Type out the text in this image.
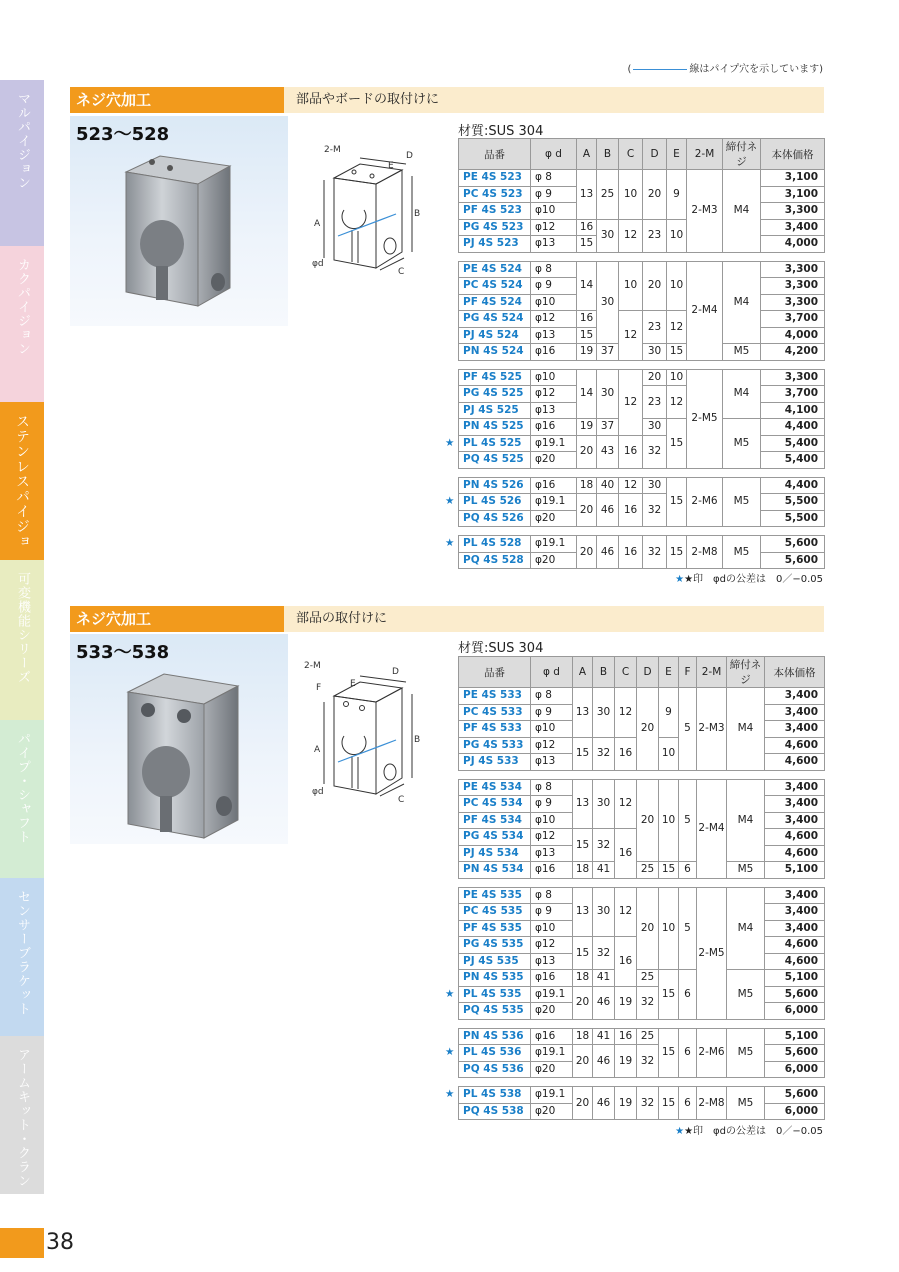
(	線はパイプ穴を示しています)
マルパイジョン
カクパイジョン
ステンレスパイジョ
可変機能シリーズ
パイプ・シャフト
センサーブラケット
アームキット・クラン
38
ネジ穴加工	部品やボードの取付けに
523〜528
2-M
D
E
A
B
φd
C
材質:SUS 304
品番	φ d	A	B	C	D	E	2-M	締付ネジ	本体価格
PE 4S 523	φ 8	13	25	10	20	9	2-M3	M4	3,100
PC 4S 523	φ 9								3,100
PF 4S 523	φ10								3,300
PG 4S 523	φ12	16	30	12	23	10			3,400
PJ 4S 523	φ13	15							4,000

PE 4S 524	φ 8	14	30	10	20	10	2-M4	M4	3,300
PC 4S 524	φ 9								3,300
PF 4S 524	φ10								3,300
PG 4S 524	φ12	16		12	23	12			3,700
PJ 4S 524	φ13	15							4,000
PN 4S 524	φ16	19	37		30	15		M5	4,200

PF 4S 525	φ10	14	30	12	20	10	2-M5	M4	3,300
PG 4S 525	φ12				23	12			3,700
PJ 4S 525	φ13								4,100
PN 4S 525	φ16	19	37		30	15		M5	4,400

★ PL 4S 525	φ19.1	20	43	16	32				5,400
PQ 4S 525	φ20								5,400

PN 4S 526	φ16	18	40	12	30	15	2-M6	M5	4,400

★ PL 4S 526	φ19.1	20	46	16	32				5,500
PQ 4S 526	φ20								5,500

★ PL 4S 528	φ19.1	20	46	16	32	15	2-M8	M5	5,600
PQ 4S 528	φ20								5,600
★★印　φdの公差は　0／−0.05
ネジ穴加工	部品の取付けに
533〜538
2-M
D
F	E
A
B
φd
C
材質:SUS 304
品番	φ d	A	B	C	D	E	F	2-M	締付ネジ	本体価格
PE 4S 533	φ 8	13	30	12	20	9	5	2-M3	M4	3,400
PC 4S 533	φ 9									3,400
PF 4S 533	φ10									3,400
PG 4S 533	φ12	15	32	16		10				4,600
PJ 4S 533	φ13									4,600

PE 4S 534	φ 8	13	30	12	20	10	5	2-M4	M4	3,400
PC 4S 534	φ 9									3,400
PF 4S 534	φ10									3,400
PG 4S 534	φ12	15	32	16						4,600
PJ 4S 534	φ13									4,600
PN 4S 534	φ16	18	41		25	15	6		M5	5,100

PE 4S 535	φ 8	13	30	12	20	10	5	2-M5	M4	3,400
PC 4S 535	φ 9									3,400
PF 4S 535	φ10									3,400
PG 4S 535	φ12	15	32	16						4,600
PJ 4S 535	φ13									4,600
PN 4S 535	φ16	18	41		25	15	6		M5	5,100

★ PL 4S 535	φ19.1	20	46	19	32					5,600
PQ 4S 535	φ20									6,000

PN 4S 536	φ16	18	41	16	25	15	6	2-M6	M5	5,100

★ PL 4S 536	φ19.1	20	46	19	32					5,600
PQ 4S 536	φ20									6,000

★ PL 4S 538	φ19.1	20	46	19	32	15	6	2-M8	M5	5,600
PQ 4S 538	φ20									6,000
★★印　φdの公差は　0／−0.05
